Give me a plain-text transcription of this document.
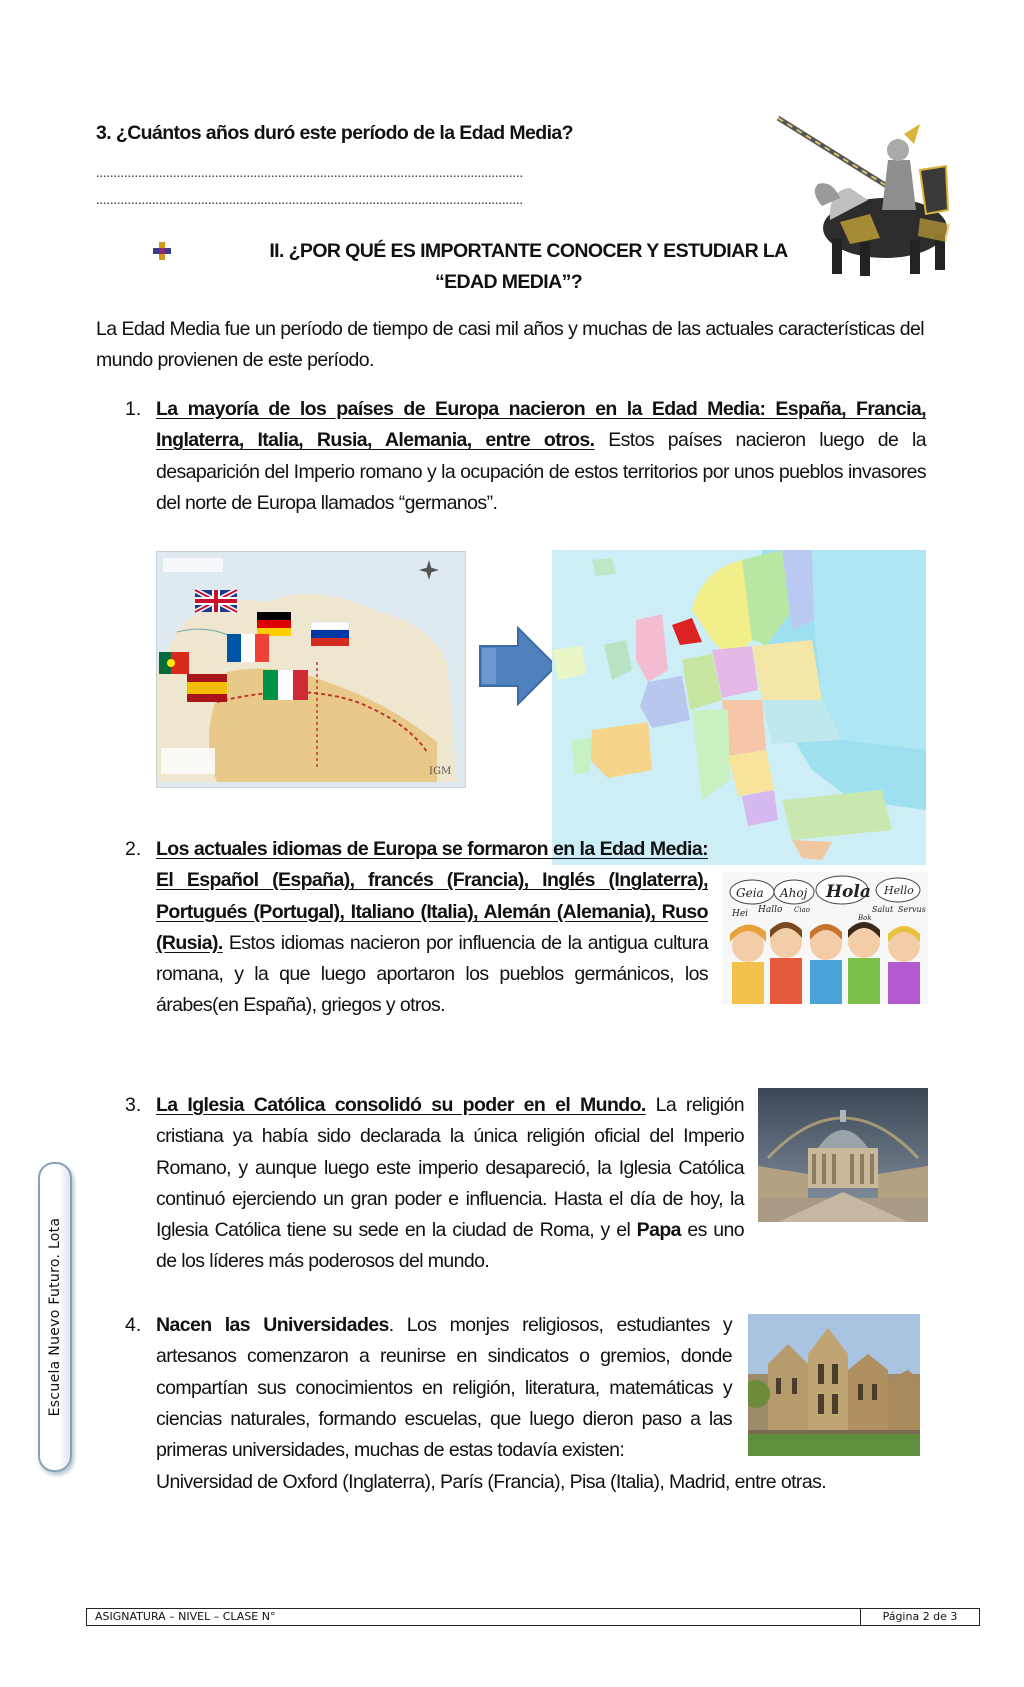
3. ¿Cuántos años duró este período de la Edad Media?
..........................................................................................................................
..........................................................................................................................
II. ¿POR QUÉ ES IMPORTANTE CONOCER Y ESTUDIAR LA
“EDAD MEDIA”?
La Edad Media fue un período de tiempo de casi mil años y muchas de las actuales características del mundo provienen de este período.
1. La mayoría de los países de Europa nacieron en la Edad Media: España, Francia, Inglaterra, Italia, Rusia, Alemania, entre otros. Estos países nacieron luego de la desaparición del Imperio romano y la ocupación de estos territorios por unos pueblos invasores del norte de Europa llamados “germanos”.
IGM
2. Los actuales idiomas de Europa se formaron en la Edad Media: El Español (España), francés (Francia), Inglés (Inglaterra), Portugués (Portugal), Italiano (Italia), Alemán (Alemania), Ruso (Rusia). Estos idiomas nacieron por influencia de la antigua cultura romana, y la que luego aportaron los pueblos germánicos, los árabes(en España), griegos y otros.
Geia Ahoj Hola Hello
Hei Hallo Ciao	Salut Servus
Bok
3. La Iglesia Católica consolidó su poder en el Mundo. La religión cristiana ya había sido declarada la única religión oficial del Imperio Romano, y aunque luego este imperio desapareció, la Iglesia Católica continuó ejerciendo un gran poder e influencia. Hasta el día de hoy, la Iglesia Católica tiene su sede en la ciudad de Roma, y el Papa es uno de los líderes más poderosos del mundo.
4. Nacen las Universidades. Los monjes religiosos, estudiantes y artesanos comenzaron a reunirse en sindicatos o gremios, donde compartían sus conocimientos en religión, literatura, matemáticas y ciencias naturales, formando escuelas, que luego dieron paso a las primeras universidades, muchas de estas todavía existen:
Universidad de Oxford (Inglaterra), París (Francia), Pisa (Italia), Madrid, entre otras.
Escuela Nuevo Futuro. Lota
ASIGNATURA – NIVEL – CLASE N°	Página 2 de 3
